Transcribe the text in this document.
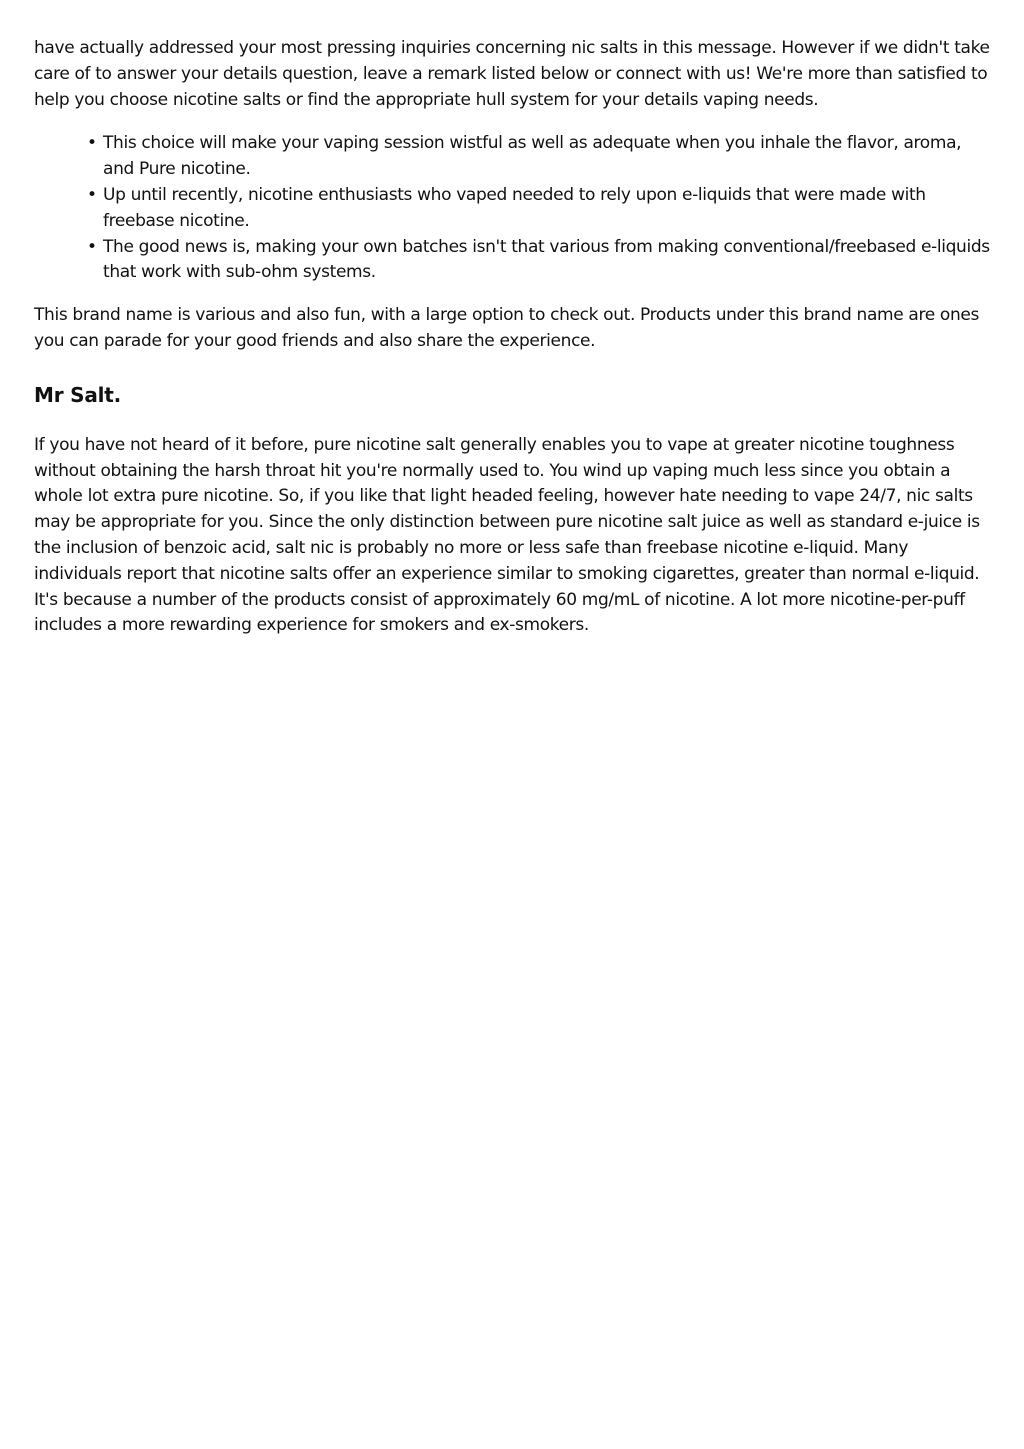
have actually addressed your most pressing inquiries concerning nic salts in this message. However if we didn't take care of to answer your details question, leave a remark listed below or connect with us! We're more than satisfied to help you choose nicotine salts or find the appropriate hull system for your details vaping needs.

• This choice will make your vaping session wistful as well as adequate when you inhale the flavor, aroma, and Pure nicotine.
• Up until recently, nicotine enthusiasts who vaped needed to rely upon e-liquids that were made with freebase nicotine.
• The good news is, making your own batches isn't that various from making conventional/freebased e-liquids that work with sub-ohm systems.

This brand name is various and also fun, with a large option to check out. Products under this brand name are ones you can parade for your good friends and also share the experience.

Mr Salt.

If you have not heard of it before, pure nicotine salt generally enables you to vape at greater nicotine toughness without obtaining the harsh throat hit you're normally used to. You wind up vaping much less since you obtain a whole lot extra pure nicotine. So, if you like that light headed feeling, however hate needing to vape 24/7, nic salts may be appropriate for you. Since the only distinction between pure nicotine salt juice as well as standard e-juice is the inclusion of benzoic acid, salt nic is probably no more or less safe than freebase nicotine e-liquid. Many individuals report that nicotine salts offer an experience similar to smoking cigarettes, greater than normal e-liquid. It's because a number of the products consist of approximately 60 mg/mL of nicotine. A lot more nicotine-per-puff includes a more rewarding experience for smokers and ex-smokers.
